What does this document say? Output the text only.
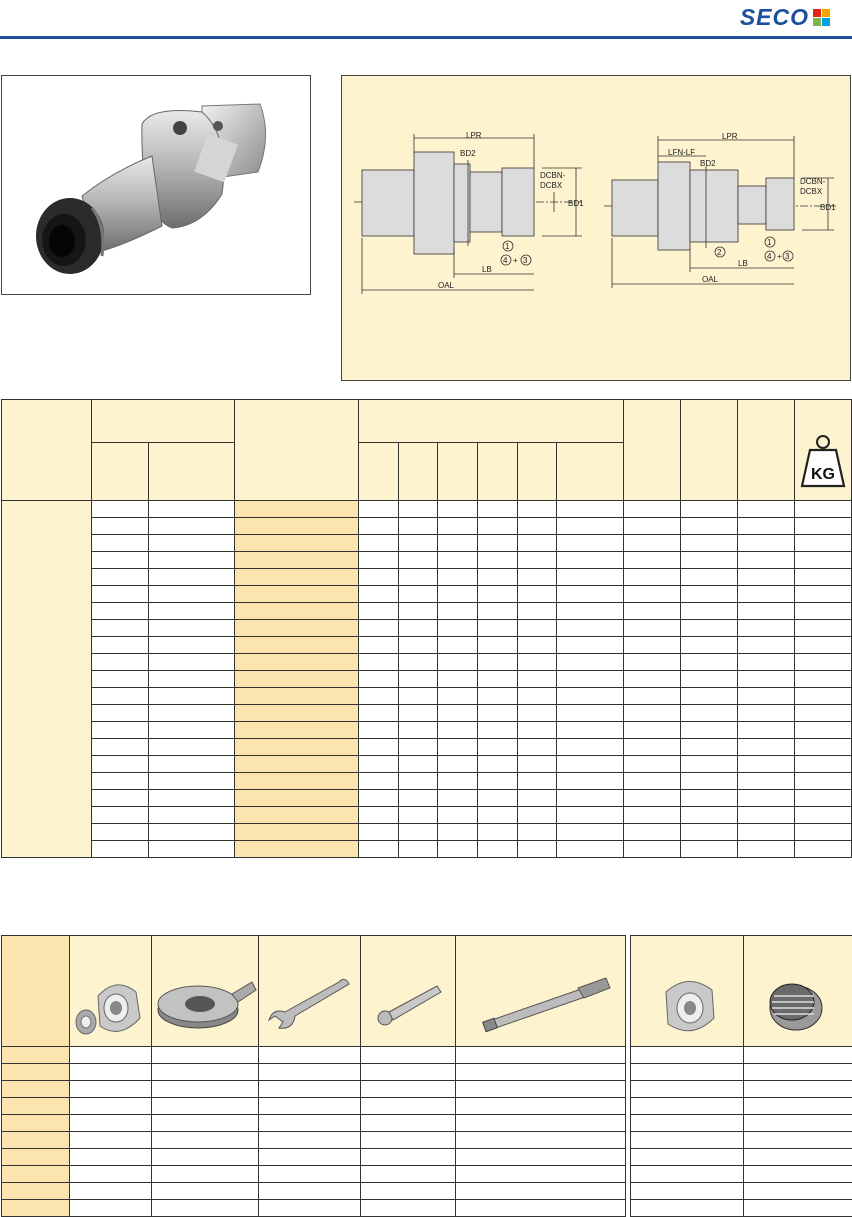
SECO
LPR
BD2
DCBN-
DCBX
BD1
LB
OAL
1
4 + 3
LPR
LFN-LF
BD2
DCBN-
DCBX
BD1
LB
OAL
2
1
4 + 3

KG
